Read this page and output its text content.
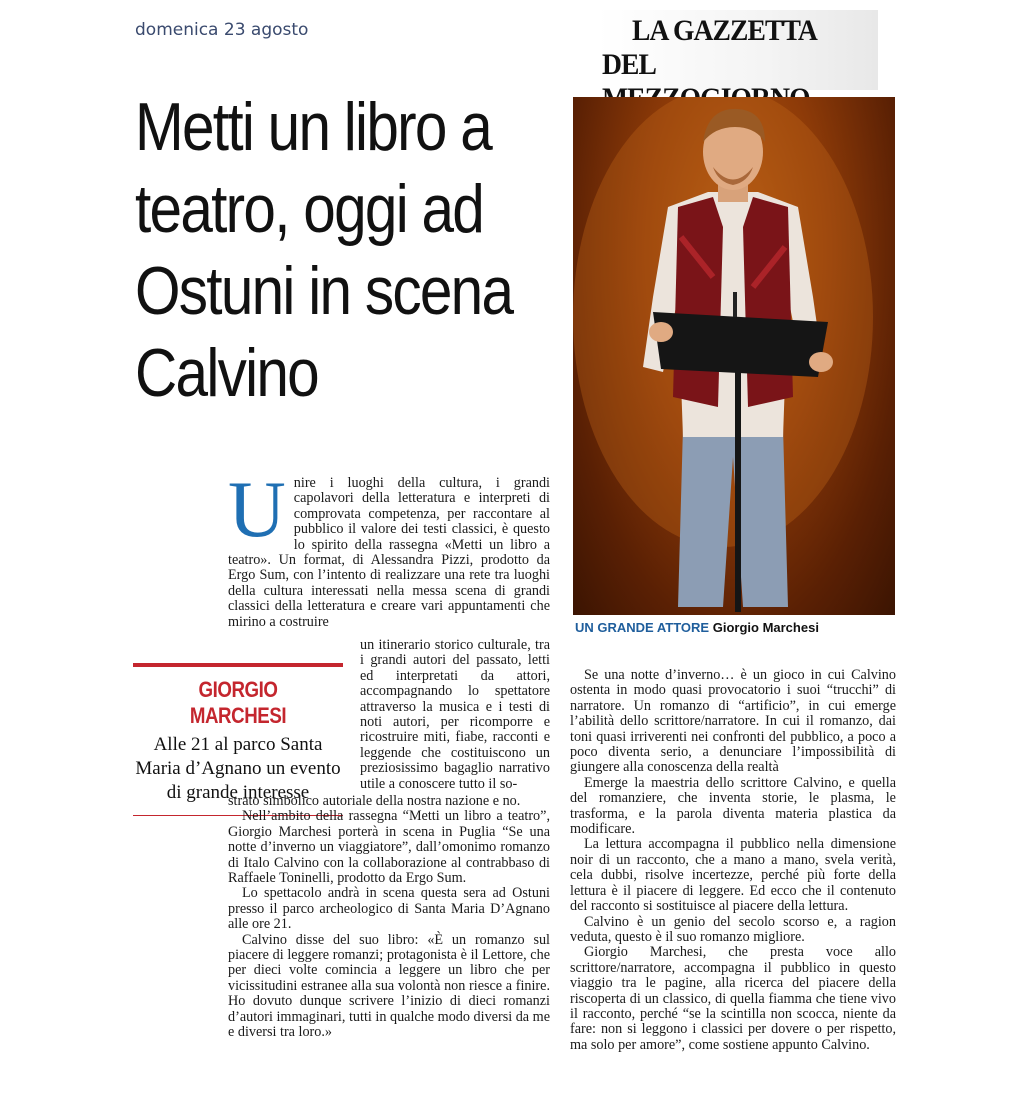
domenica 23 agosto	LA GAZZETTA
DEL
Metti un libro a teatro, oggi ad Ostuni in scena Calvino
UN GRANDE ATTORE Giorgio Marchesi
U nire i luoghi della cultura, i grandi capolavori della letteratura e interpreti di comprovata competenza, per raccontare al pubblico il valore dei testi classici, è questo lo spirito della rassegna «Metti un libro a teatro». Un format, di Alessandra Pizzi, prodotto da Ergo Sum, con l’intento di realizzare una rete tra luoghi della cultura interessati nella messa scena di grandi classici della letteratura e creare vari appuntamenti che mirino a costruire

GIORGIO MARCHESI
Alle 21 al parco Santa Maria d’Agnano un evento di grande interesse

un itinerario storico culturale, tra i grandi autori del passato, letti ed interpretati da attori, accompagnando lo spettatore attraverso la musica e i testi di noti autori, per ricomporre e ricostruire miti, fiabe, racconti e leggende che costituiscono un preziosissimo bagaglio narrativo utile a conoscere tutto il so-

strato simbolico autoriale della nostra nazione e no.

Nell’ambito della rassegna “Metti un libro a teatro”, Giorgio Marchesi porterà in scena in Puglia “Se una notte d’inverno un viaggiatore”, dall’omonimo romanzo di Italo Calvino con la collaborazione al contrabbaso di Raffaele Toninelli, prodotto da Ergo Sum.

Lo spettacolo andrà in scena questa sera ad Ostuni presso il parco archeologico di Santa Maria D’Agnano alle ore 21.

Calvino disse del suo libro: «È un romanzo sul piacere di leggere romanzi; protagonista è il Lettore, che per dieci volte comincia a leggere un libro che per vicissitudini estranee alla sua volontà non riesce a finire. Ho dovuto dunque scrivere l’inizio di dieci romanzi d’autori immaginari, tutti in qualche modo diversi da me e diversi tra loro.»

Se una notte d’inverno… è un gioco in cui Calvino ostenta in modo quasi provocatorio i suoi “trucchi” di narratore. Un romanzo di “artificio”, in cui emerge l’abilità dello scrittore/narratore. In cui il romanzo, dai toni quasi irriverenti nei confronti del pubblico, a poco a poco diventa serio, a denunciare l’impossibilità di giungere alla conoscenza della realtà

Emerge la maestria dello scrittore Calvino, e quella del romanziere, che inventa storie, le plasma, le trasforma, e la parola diventa materia plastica da modificare.

La lettura accompagna il pubblico nella dimensione noir di un racconto, che a mano a mano, svela verità, cela dubbi, risolve incertezze, perché più forte della lettura è il piacere di leggere. Ed ecco che il contenuto del racconto si sostituisce al piacere della lettura.

Calvino è un genio del secolo scorso e, a ragion veduta, questo è il suo romanzo migliore.

Giorgio Marchesi, che presta voce allo scrittore/narratore, accompagna il pubblico in questo viaggio tra le pagine, alla ricerca del piacere della riscoperta di un classico, di quella fiamma che tiene vivo il racconto, perché “se la scintilla non scocca, niente da fare: non si leggono i classici per dovere o per rispetto, ma solo per amore”, come sostiene appunto Calvino.
